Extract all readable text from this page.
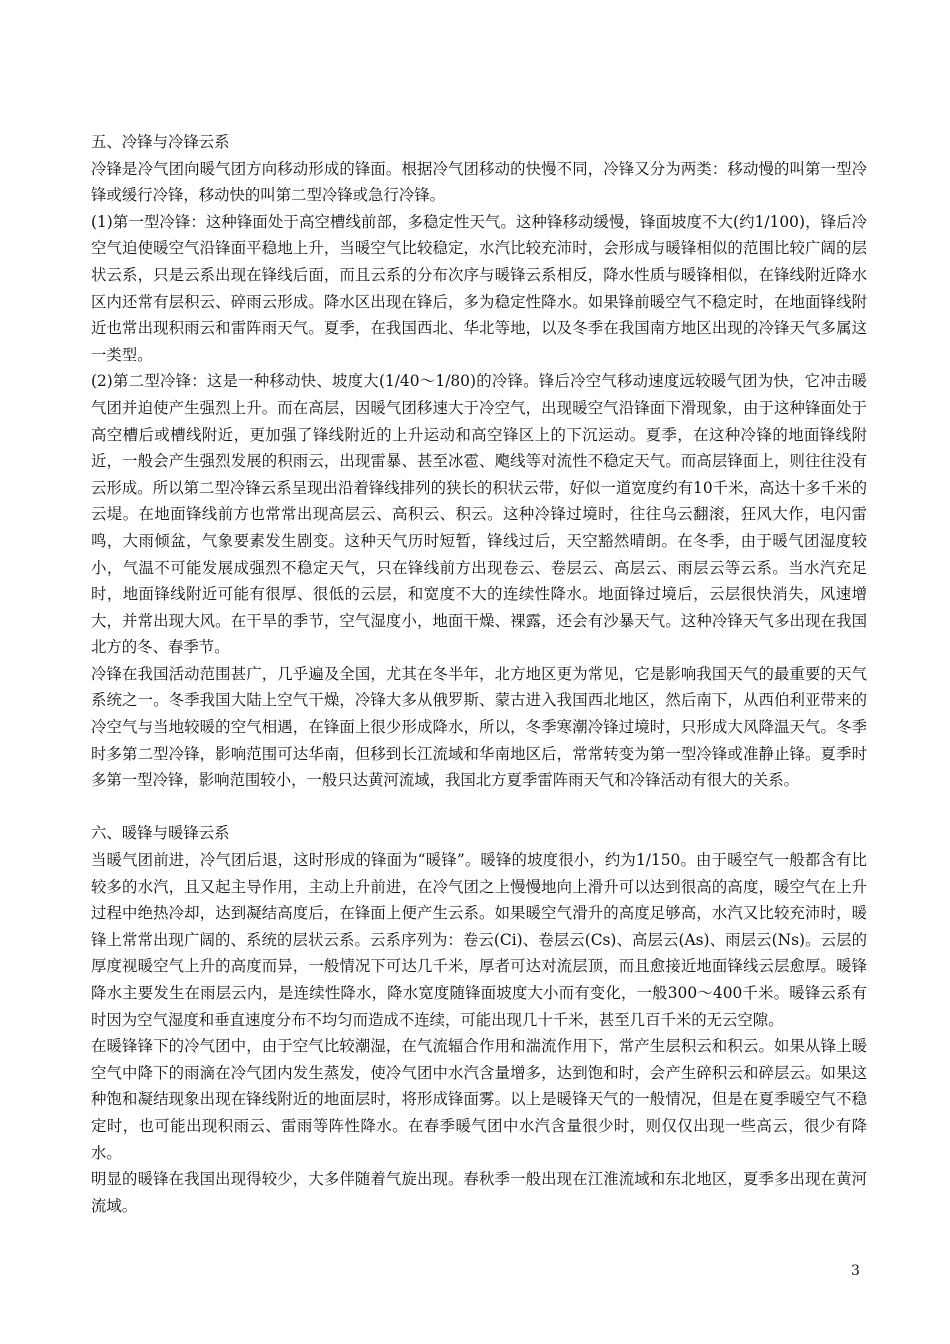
五、冷锋与冷锋云系

冷锋是冷气团向暖气团方向移动形成的锋面。根据冷气团移动的快慢不同，冷锋又分为两类：移动慢的叫第一型冷锋或缓行冷锋，移动快的叫第二型冷锋或急行冷锋。

(1)第一型冷锋：这种锋面处于高空槽线前部，多稳定性天气。这种锋移动缓慢，锋面坡度不大(约1/100)，锋后冷空气迫使暖空气沿锋面平稳地上升，当暖空气比较稳定，水汽比较充沛时，会形成与暖锋相似的范围比较广阔的层状云系，只是云系出现在锋线后面，而且云系的分布次序与暖锋云系相反，降水性质与暖锋相似，在锋线附近降水区内还常有层积云、碎雨云形成。降水区出现在锋后，多为稳定性降水。如果锋前暖空气不稳定时，在地面锋线附近也常出现积雨云和雷阵雨天气。夏季，在我国西北、华北等地，以及冬季在我国南方地区出现的冷锋天气多属这一类型。

(2)第二型冷锋：这是一种移动快、坡度大(1/40～1/80)的冷锋。锋后冷空气移动速度远较暖气团为快，它冲击暖气团并迫使产生强烈上升。而在高层，因暖气团移速大于冷空气，出现暖空气沿锋面下滑现象，由于这种锋面处于高空槽后或槽线附近，更加强了锋线附近的上升运动和高空锋区上的下沉运动。夏季，在这种冷锋的地面锋线附近，一般会产生强烈发展的积雨云，出现雷暴、甚至冰雹、飑线等对流性不稳定天气。而高层锋面上，则往往没有云形成。所以第二型冷锋云系呈现出沿着锋线排列的狭长的积状云带，好似一道宽度约有10千米，高达十多千米的云堤。在地面锋线前方也常常出现高层云、高积云、积云。这种冷锋过境时，往往乌云翻滚，狂风大作，电闪雷鸣，大雨倾盆，气象要素发生剧变。这种天气历时短暂，锋线过后，天空豁然晴朗。在冬季，由于暖气团湿度较小，气温不可能发展成强烈不稳定天气，只在锋线前方出现卷云、卷层云、高层云、雨层云等云系。当水汽充足时，地面锋线附近可能有很厚、很低的云层，和宽度不大的连续性降水。地面锋过境后，云层很快消失，风速增大，并常出现大风。在干旱的季节，空气湿度小，地面干燥、裸露，还会有沙暴天气。这种冷锋天气多出现在我国北方的冬、春季节。

冷锋在我国活动范围甚广，几乎遍及全国，尤其在冬半年，北方地区更为常见，它是影响我国天气的最重要的天气系统之一。冬季我国大陆上空气干燥，冷锋大多从俄罗斯、蒙古进入我国西北地区，然后南下，从西伯利亚带来的冷空气与当地较暖的空气相遇，在锋面上很少形成降水，所以，冬季寒潮冷锋过境时，只形成大风降温天气。冬季时多第二型冷锋，影响范围可达华南，但移到长江流域和华南地区后，常常转变为第一型冷锋或准静止锋。夏季时多第一型冷锋，影响范围较小，一般只达黄河流域，我国北方夏季雷阵雨天气和冷锋活动有很大的关系。

六、暖锋与暖锋云系

当暖气团前进，冷气团后退，这时形成的锋面为“暖锋”。暖锋的坡度很小，约为1/150。由于暖空气一般都含有比较多的水汽，且又起主导作用，主动上升前进，在冷气团之上慢慢地向上滑升可以达到很高的高度，暖空气在上升过程中绝热冷却，达到凝结高度后，在锋面上便产生云系。如果暖空气滑升的高度足够高，水汽又比较充沛时，暖锋上常常出现广阔的、系统的层状云系。云系序列为：卷云(Ci)、卷层云(Cs)、高层云(As)、雨层云(Ns)。云层的厚度视暖空气上升的高度而异，一般情况下可达几千米，厚者可达对流层顶，而且愈接近地面锋线云层愈厚。暖锋降水主要发生在雨层云内，是连续性降水，降水宽度随锋面坡度大小而有变化，一般300～400千米。暖锋云系有时因为空气湿度和垂直速度分布不均匀而造成不连续，可能出现几十千米，甚至几百千米的无云空隙。

在暖锋锋下的冷气团中，由于空气比较潮湿，在气流辐合作用和湍流作用下，常产生层积云和积云。如果从锋上暖空气中降下的雨滴在冷气团内发生蒸发，使冷气团中水汽含量增多，达到饱和时，会产生碎积云和碎层云。如果这种饱和凝结现象出现在锋线附近的地面层时，将形成锋面雾。以上是暖锋天气的一般情况，但是在夏季暖空气不稳定时，也可能出现积雨云、雷雨等阵性降水。在春季暖气团中水汽含量很少时，则仅仅出现一些高云，很少有降水。

明显的暖锋在我国出现得较少，大多伴随着气旋出现。春秋季一般出现在江淮流域和东北地区，夏季多出现在黄河流域。

3
